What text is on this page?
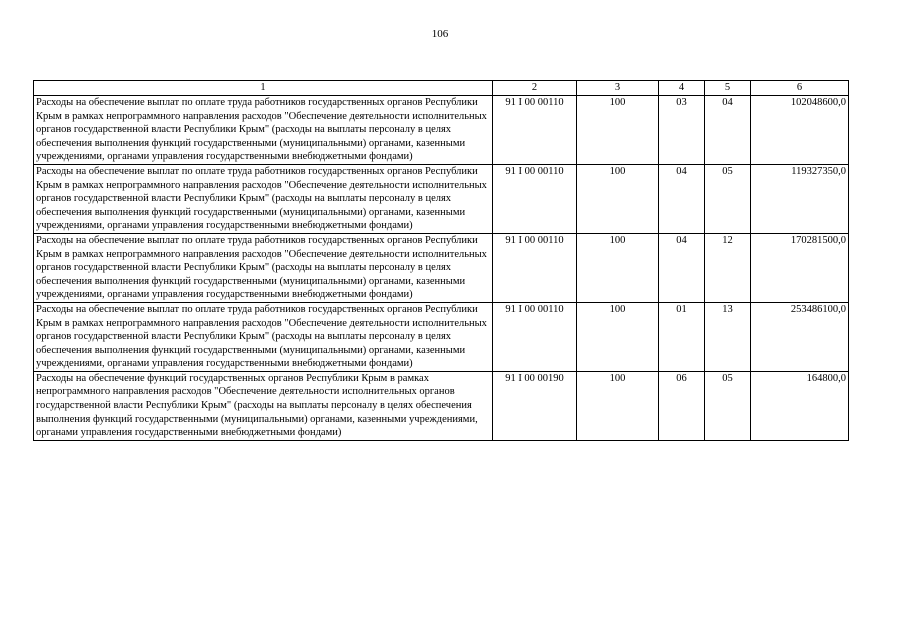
106
1	2	3	4	5	6
Расходы на обеспечение выплат по оплате труда работников государственных органов Республики Крым в рамках непрограммного направления расходов "Обеспечение деятельности исполнительных органов государственной власти Республики Крым" (расходы на выплаты персоналу в целях обеспечения выполнения функций государственными (муниципальными) органами, казенными учреждениями, органами управления государственными внебюджетными фондами)	91 I 00 00110	100	03	04	102048600,0
Расходы на обеспечение выплат по оплате труда работников государственных органов Республики Крым в рамках непрограммного направления расходов "Обеспечение деятельности исполнительных органов государственной власти Республики Крым" (расходы на выплаты персоналу в целях обеспечения выполнения функций государственными (муниципальными) органами, казенными учреждениями, органами управления государственными внебюджетными фондами)	91 I 00 00110	100	04	05	119327350,0
Расходы на обеспечение выплат по оплате труда работников государственных органов Республики Крым в рамках непрограммного направления расходов "Обеспечение деятельности исполнительных органов государственной власти Республики Крым" (расходы на выплаты персоналу в целях обеспечения выполнения функций государственными (муниципальными) органами, казенными учреждениями, органами управления государственными внебюджетными фондами)	91 I 00 00110	100	04	12	170281500,0
Расходы на обеспечение выплат по оплате труда работников государственных органов Республики Крым в рамках непрограммного направления расходов "Обеспечение деятельности исполнительных органов государственной власти Республики Крым" (расходы на выплаты персоналу в целях обеспечения выполнения функций государственными (муниципальными) органами, казенными учреждениями, органами управления государственными внебюджетными фондами)	91 I 00 00110	100	01	13	253486100,0
Расходы на обеспечение функций государственных органов Республики Крым в рамках непрограммного направления расходов "Обеспечение деятельности исполнительных органов государственной власти Республики Крым" (расходы на выплаты персоналу в целях обеспечения выполнения функций государственными (муниципальными) органами, казенными учреждениями, органами управления государственными внебюджетными фондами)	91 I 00 00190	100	06	05	164800,0
